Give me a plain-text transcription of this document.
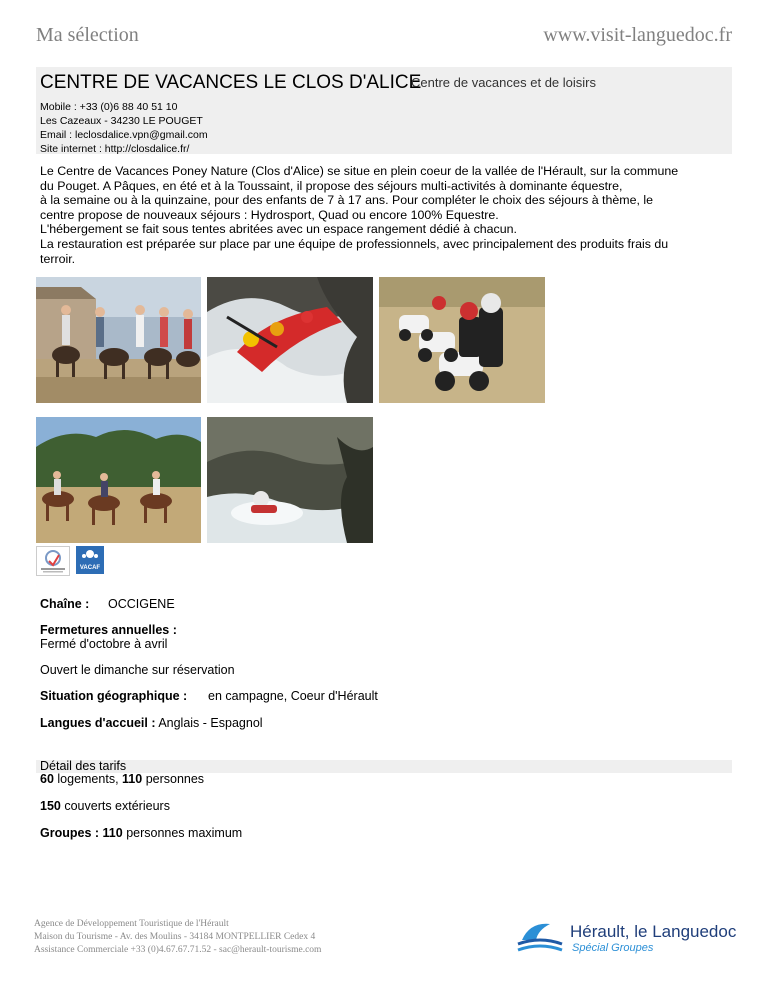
Ma sélection	www.visit-languedoc.fr
CENTRE DE VACANCES LE CLOS D'ALICE
Centre de vacances et de loisirs
Mobile : +33 (0)6 88 40 51 10
Les Cazeaux - 34230 LE POUGET
Email : leclosdalice.vpn@gmail.com
Site internet : http://closdalice.fr/
Le Centre de Vacances Poney Nature (Clos d'Alice) se situe en plein coeur de la vallée de l'Hérault, sur la commune
du Pouget. A Pâques, en été et à la Toussaint, il propose des séjours multi-activités à dominante équestre,
à la semaine ou à la quinzaine, pour des enfants de 7 à 17 ans. Pour compléter le choix des séjours à thème, le
centre propose de nouveaux séjours : Hydrosport, Quad ou encore 100% Equestre.
L'hébergement se fait sous tentes abritées avec un espace rangement dédié à chacun.
La restauration est préparée sur place par une équipe de professionnels, avec principalement des produits frais du
terroir.
VACAF
Chaîne : OCCIGENE
Fermetures annuelles :
Fermé d'octobre à avril
Ouvert le dimanche sur réservation
Situation géographique : en campagne, Coeur d'Hérault
Langues d'accueil : Anglais - Espagnol
Détail des tarifs
60 logements, 110 personnes
150 couverts extérieurs
Groupes : 110 personnes maximum
Agence de Développement Touristique de l'Hérault
Maison du Tourisme - Av. des Moulins - 34184 MONTPELLIER Cedex 4
Assistance Commerciale +33 (0)4.67.67.71.52 - sac@herault-tourisme.com
Hérault, le Languedoc
Spécial Groupes
